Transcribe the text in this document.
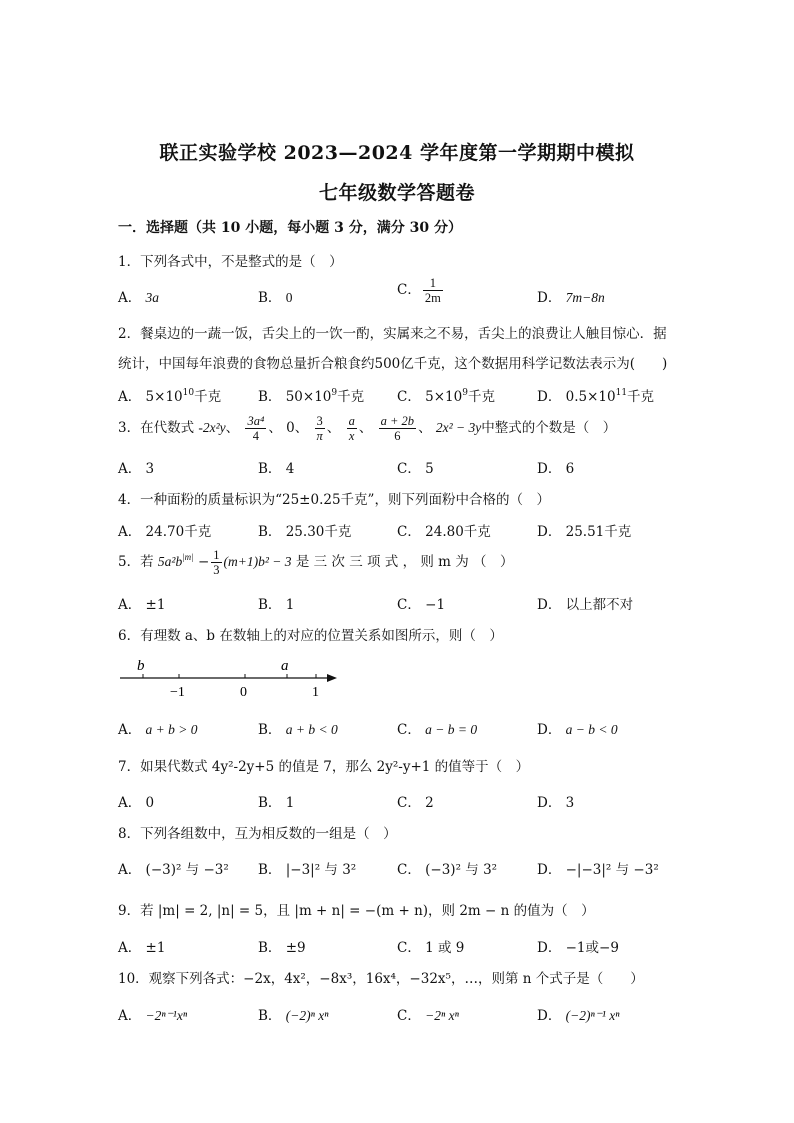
联正实验学校 2023—2024 学年度第一学期期中模拟
七年级数学答题卷
一．选择题（共 10 小题，每小题 3 分，满分 30 分）
1．下列各式中，不是整式的是（　）
A． 3a	B． 0	C． $\frac{1}{2m}$	D． 7m−8n
2．餐桌边的一蔬一饭，舌尖上的一饮一酌，实属来之不易，舌尖上的浪费让人触目惊心．据
统计，中国每年浪费的食物总量折合粮食约500亿千克，这个数据用科学记数法表示为(　　)
A． $5\times 10^{10}$千克	B． $50\times 10^9$千克 C． $5\times 10^9$千克	D． $0.5\times 10^{11}$千克
3．在代数式 -2x²y、 $\frac{\text{3a⁴}}{4}$ 、 0、 $\frac{3}{\pi}$ 、 $\frac{a}{x}$ 、 $\frac{a + 2b}{6}$ 、 2x² − 3y中整式的个数是（　）
A． 3	B． 4	C． 5	D． 6
4．一种面粉的质量标识为“25±0.25千克”，则下列面粉中合格的（　）
A． 24.70千克	B． 25.30千克	C． 24.80千克	D． 25.51千克
5．若 $5a^2b^{|m|} - \frac{1}{3} (m+1)b^2 - 3$ 是 三 次 三 项 式 ， 则 m 为 （　）
A． ±1	B． 1	C． −1	D． 以上都不对
6．有理数 a、b 在数轴上的对应的位置关系如图所示，则（　）
b	a
−1	0	1
A． a + b > 0	B． a + b < 0	C． a − b = 0	D． a − b < 0
7．如果代数式 4y²-2y+5 的值是 7，那么 2y²-y+1 的值等于（　）
A． 0	B． 1	C． 2	D． 3
8．下列各组数中，互为相反数的一组是（　）
A． (−3)² 与 −3² B． |−3|² 与 3²	C． (−3)² 与 3²	D． −|−3|² 与 −3²
9．若 |m| = 2, |n| = 5，且 |m + n| = −(m + n)，则 2m − n 的值为（　）
A． ±1	B． ±9	C． 1 或 9	D． −1或−9
10．观察下列各式：−2x，4x²，−8x³，16x⁴，−32x⁵，…，则第 n 个式子是（　　）
A． −2ⁿ⁻¹xⁿ	B． (−2)ⁿ xⁿ	C． −2ⁿ xⁿ	D． (−2)ⁿ⁻¹ xⁿ
